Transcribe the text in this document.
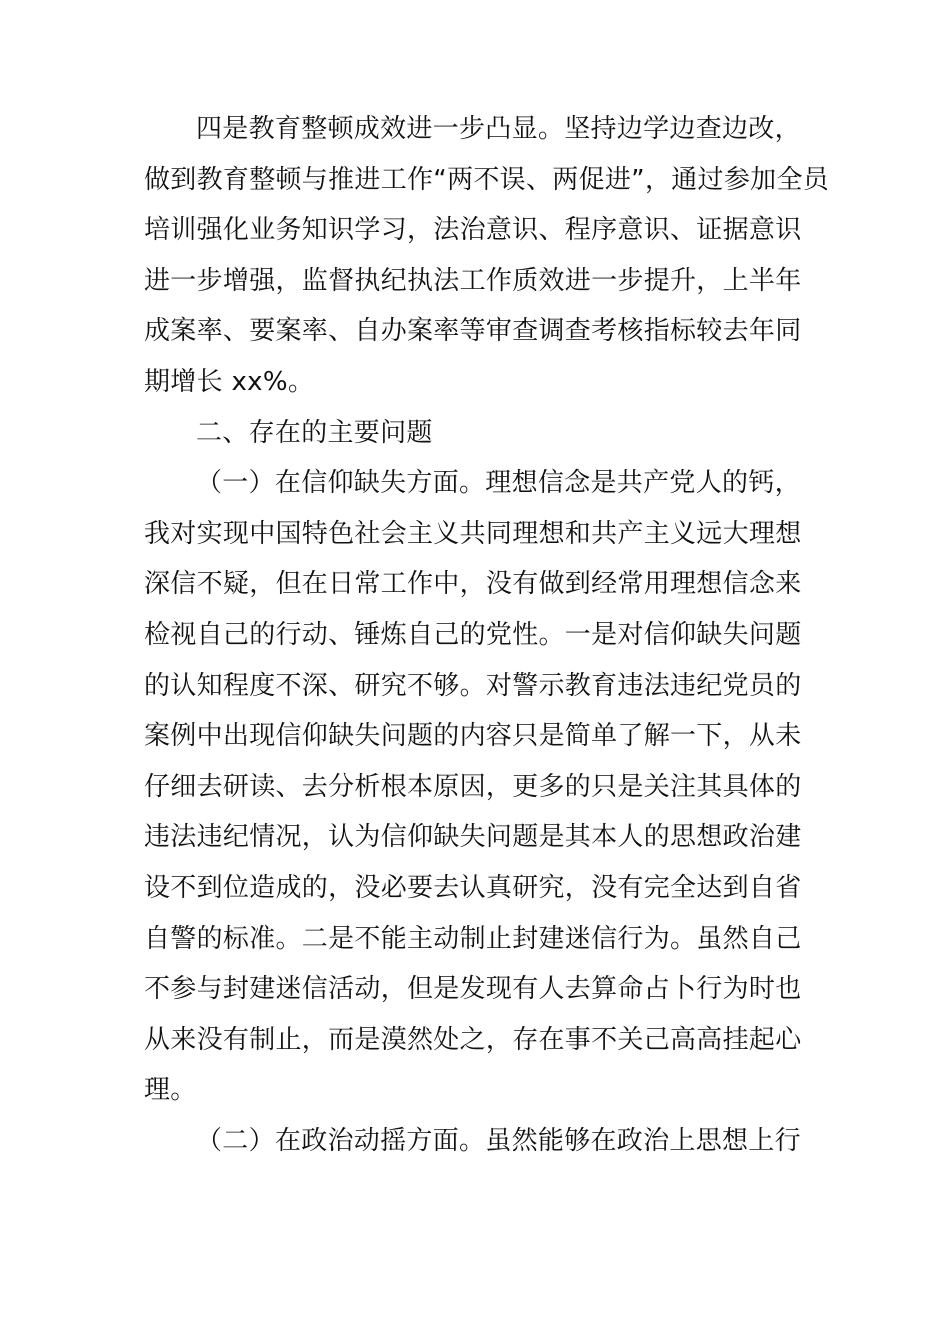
四是教育整顿成效进一步凸显。坚持边学边查边改，
做到教育整顿与推进工作“两不误、两促进”，通过参加全员
培训强化业务知识学习，法治意识、程序意识、证据意识
进一步增强，监督执纪执法工作质效进一步提升，上半年
成案率、要案率、自办案率等审查调查考核指标较去年同
期增长 xx%。
二、存在的主要问题
（一）在信仰缺失方面。理想信念是共产党人的钙，
我对实现中国特色社会主义共同理想和共产主义远大理想
深信不疑，但在日常工作中，没有做到经常用理想信念来
检视自己的行动、锤炼自己的党性。一是对信仰缺失问题
的认知程度不深、研究不够。对警示教育违法违纪党员的
案例中出现信仰缺失问题的内容只是简单了解一下，从未
仔细去研读、去分析根本原因，更多的只是关注其具体的
违法违纪情况，认为信仰缺失问题是其本人的思想政治建
设不到位造成的，没必要去认真研究，没有完全达到自省
自警的标准。二是不能主动制止封建迷信行为。虽然自己
不参与封建迷信活动，但是发现有人去算命占卜行为时也
从来没有制止，而是漠然处之，存在事不关己高高挂起心
理。
（二）在政治动摇方面。虽然能够在政治上思想上行
